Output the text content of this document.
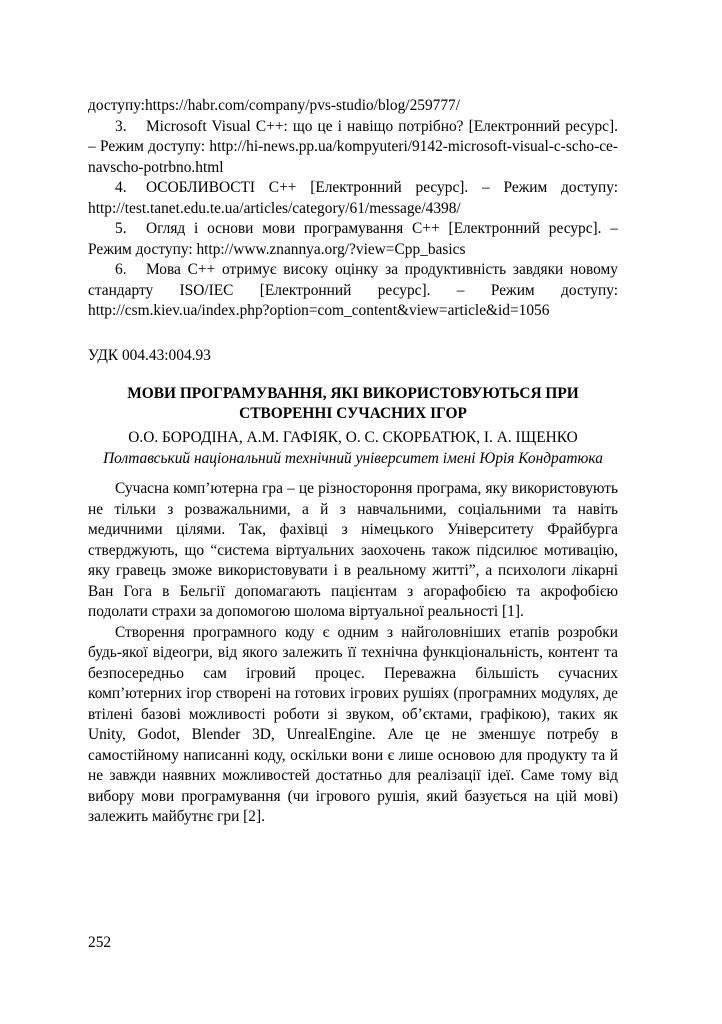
доступу:https://habr.com/company/pvs-studio/blog/259777/

3. Microsoft Visual C++: що це і навіщо потрібно? [Електронний ресурс]. – Режим доступу: http://hi-news.pp.ua/kompyuteri/9142-microsoft-visual-c-scho-ce-navscho-potrbno.html

4. ОСОБЛИВОСТІ С++ [Електронний ресурс]. – Режим доступу: http://test.tanet.edu.te.ua/articles/category/61/message/4398/

5. Огляд і основи мови програмування С++ [Електронний ресурс]. – Режим доступу: http://www.znannya.org/?view=Cpp_basics

6. Мова C++ отримує високу оцінку за продуктивність завдяки новому стандарту ISO/IEC [Електронний ресурс]. – Режим доступу: http://csm.kiev.ua/index.php?option=com_content&view=article&id=1056

УДК 004.43:004.93
МОВИ ПРОГРАМУВАННЯ, ЯКІ ВИКОРИСТОВУЮТЬСЯ ПРИ СТВОРЕННІ СУЧАСНИХ ІГОР
О.О. БОРОДІНА, А.М. ГАФІЯК, О. С. СКОРБАТЮК, І. А. ІЩЕНКО
Полтавський національний технічний університет імені Юрія Кондратюка

Сучасна комп’ютерна гра – це різностороння програма, яку використовують не тільки з розважальними, а й з навчальними, соціальними та навіть медичними цілями. Так, фахівці з німецького Університету Фрайбурга стверджують, що “система віртуальних заохочень також підсилює мотивацію, яку гравець зможе використовувати і в реальному житті”, а психологи лікарні Ван Гога в Бельгії допомагають пацієнтам з агорафобією та акрофобією подолати страхи за допомогою шолома віртуальної реальності [1].

Створення програмного коду є одним з найголовніших етапів розробки будь-якої відеогри, від якого залежить її технічна функціональність, контент та безпосередньо сам ігровий процес. Переважна більшість сучасних комп’ютерних ігор створені на готових ігрових рушіях (програмних модулях, де втілені базові можливості роботи зі звуком, об’єктами, графікою), таких як Unity, Godot, Blender 3D, UnrealEngine. Але це не зменшує потребу в самостійному написанні коду, оскільки вони є лише основою для продукту та й не завжди наявних можливостей достатньо для реалізації ідеї. Саме тому від вибору мови програмування (чи ігрового рушія, який базується на цій мові) залежить майбутнє гри [2].

252
